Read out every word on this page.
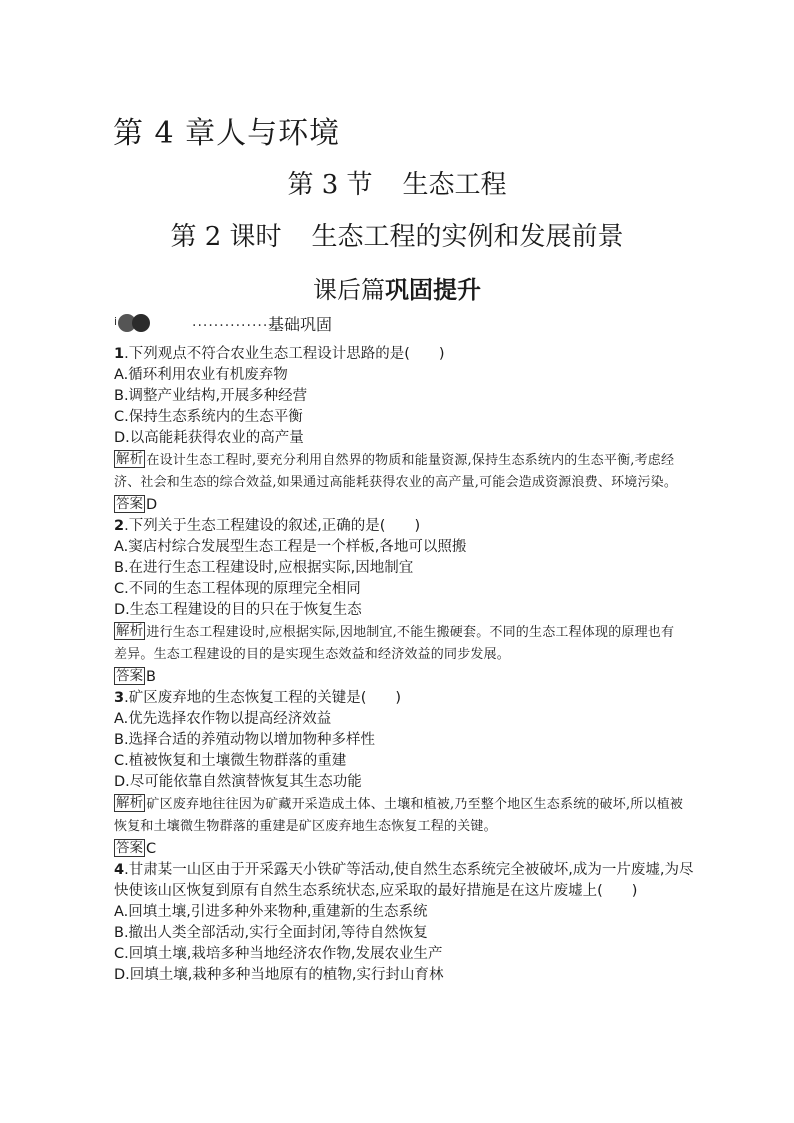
第 4 章人与环境
第 3 节 生态工程
第 2 课时 生态工程的实例和发展前景
课后篇巩固提升
i	···············
基础巩固
1.下列观点不符合农业生态工程设计思路的是(　　)
A.循环利用农业有机废弃物
B.调整产业结构,开展多种经营
C.保持生态系统内的生态平衡
D.以高能耗获得农业的高产量
解析 在设计生态工程时,要充分利用自然界的物质和能量资源,保持生态系统内的生态平衡,考虑经济、社会和生态的综合效益,如果通过高能耗获得农业的高产量,可能会造成资源浪费、环境污染。
答案 D
2.下列关于生态工程建设的叙述,正确的是(　　)
A.窦店村综合发展型生态工程是一个样板,各地可以照搬
B.在进行生态工程建设时,应根据实际,因地制宜
C.不同的生态工程体现的原理完全相同
D.生态工程建设的目的只在于恢复生态
解析 进行生态工程建设时,应根据实际,因地制宜,不能生搬硬套。不同的生态工程体现的原理也有差异。生态工程建设的目的是实现生态效益和经济效益的同步发展。
答案 B
3.矿区废弃地的生态恢复工程的关键是(　　)
A.优先选择农作物以提高经济效益
B.选择合适的养殖动物以增加物种多样性
C.植被恢复和土壤微生物群落的重建
D.尽可能依靠自然演替恢复其生态功能
解析 矿区废弃地往往因为矿藏开采造成土体、土壤和植被,乃至整个地区生态系统的破坏,所以植被恢复和土壤微生物群落的重建是矿区废弃地生态恢复工程的关键。
答案 C
4.甘肃某一山区由于开采露天小铁矿等活动,使自然生态系统完全被破坏,成为一片废墟,为尽
快使该山区恢复到原有自然生态系统状态,应采取的最好措施是在这片废墟上(　　)
A.回填土壤,引进多种外来物种,重建新的生态系统
B.撤出人类全部活动,实行全面封闭,等待自然恢复
C.回填土壤,栽培多种当地经济农作物,发展农业生产
D.回填土壤,栽种多种当地原有的植物,实行封山育林
